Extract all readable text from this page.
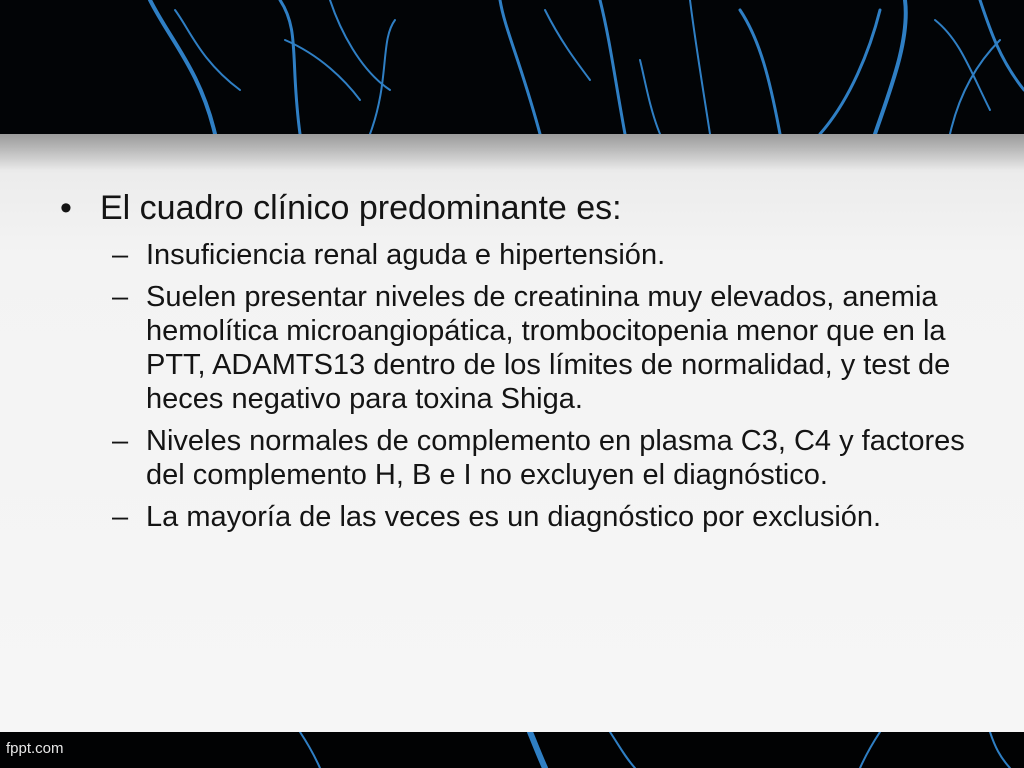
• El cuadro clínico predominante es:
– Insuficiencia renal aguda e hipertensión.
– Suelen presentar niveles de creatinina muy elevados, anemia hemolítica microangiopática, trombocitopenia menor que en la PTT, ADAMTS13 dentro de los límites de normalidad, y test de heces negativo para toxina Shiga.
– Niveles normales de complemento en plasma C3, C4 y factores del complemento H, B e I no excluyen el diagnóstico.
– La mayoría de las veces es un diagnóstico por exclusión.
fppt.com
